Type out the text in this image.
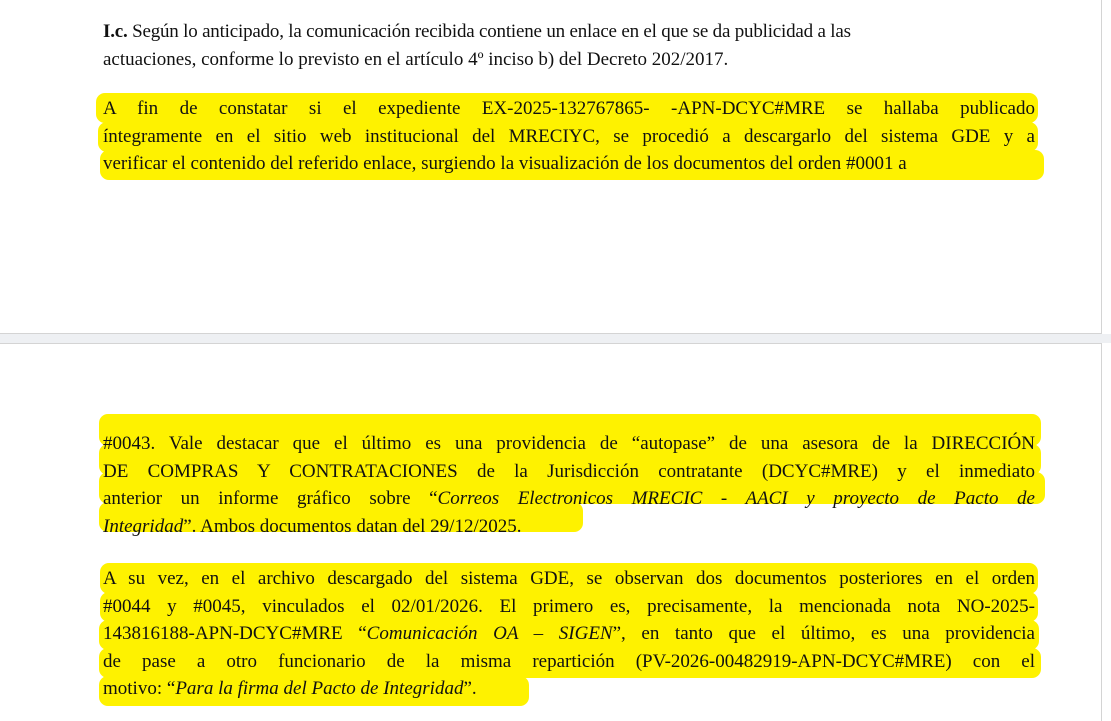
I.c. Según lo anticipado, la comunicación recibida contiene un enlace en el que se da publicidad a las
actuaciones, conforme lo previsto en el artículo 4º inciso b) del Decreto 202/2017.
A fin de constatar si el expediente EX-2025-132767865- -APN-DCYC#MRE se hallaba publicado
íntegramente en el sitio web institucional del MRECIYC, se procedió a descargarlo del sistema GDE y a
verificar el contenido del referido enlace, surgiendo la visualización de los documentos del orden #0001 a
#0043. Vale destacar que el último es una providencia de “autopase” de una asesora de la DIRECCIÓN
DE COMPRAS Y CONTRATACIONES de la Jurisdicción contratante (DCYC#MRE) y el inmediato
anterior un informe gráfico sobre “Correos Electronicos MRECIC - AACI y proyecto de Pacto de
Integridad”. Ambos documentos datan del 29/12/2025.
A su vez, en el archivo descargado del sistema GDE, se observan dos documentos posteriores en el orden
#0044 y #0045, vinculados el 02/01/2026. El primero es, precisamente, la mencionada nota NO-2025-
143816188-APN-DCYC#MRE “Comunicación OA – SIGEN”, en tanto que el último, es una providencia
de pase a otro funcionario de la misma repartición (PV-2026-00482919-APN-DCYC#MRE) con el
motivo: “Para la firma del Pacto de Integridad”.
